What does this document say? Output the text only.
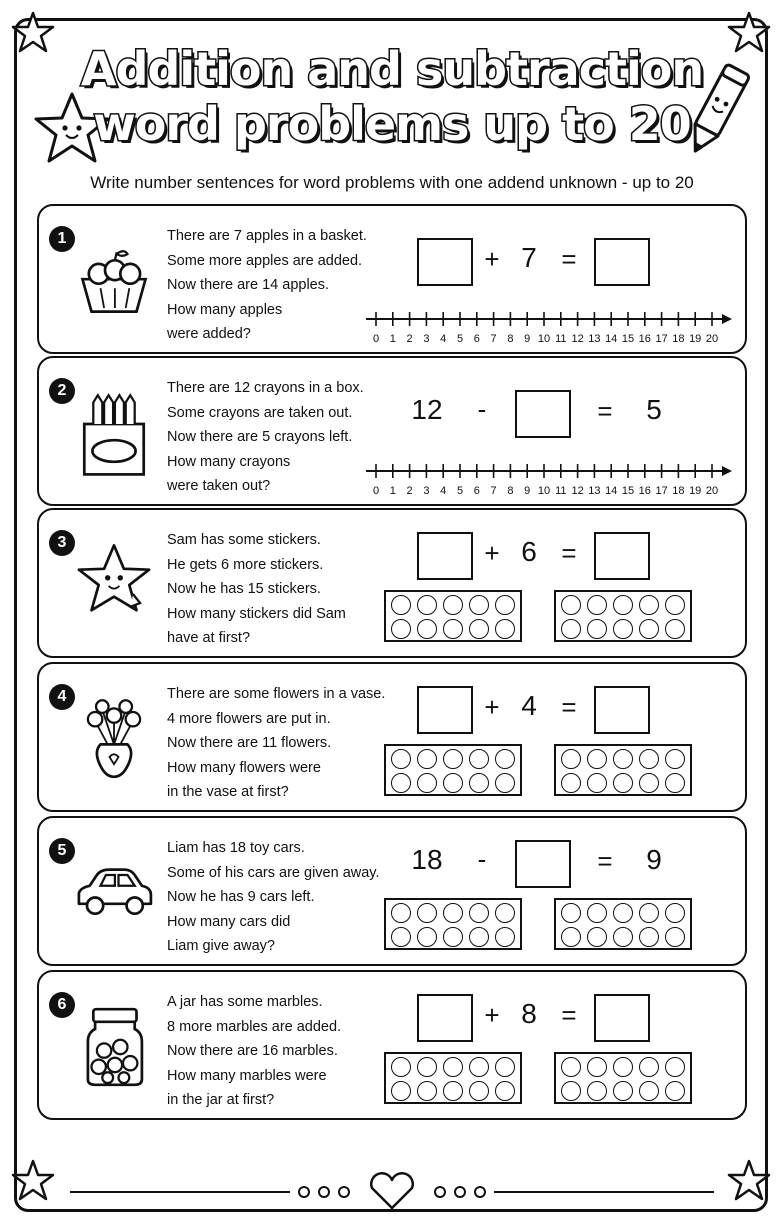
Addition and subtraction
word problems up to 20
Write number sentences for word problems with one addend unknown - up to 20
1	There are 7 apples in a basket.
Some more apples are added.
Now there are 14 apples.
How many apples
were added?
+ 7 =
0 1 2 3 4 5 6 7 8 9 10 11 12 13 14 15 16 17 18 19 20
2	There are 12 crayons in a box.
Some crayons are taken out.
Now there are 5 crayons left.
How many crayons
were taken out?
12	-	=	5
0 1 2 3 4 5 6 7 8 9 10 11 12 13 14 15 16 17 18 19 20
3	Sam has some stickers.
He gets 6 more stickers.
Now he has 15 stickers.
How many stickers did Sam
have at first?
+ 6 =
4	There are some flowers in a vase.
4 more flowers are put in.
Now there are 11 flowers.
How many flowers were
in the vase at first?
+ 4 =
5	Liam has 18 toy cars.
Some of his cars are given away.
Now he has 9 cars left.
How many cars did
Liam give away?
18	-	=	9
6	A jar has some marbles.
8 more marbles are added.
Now there are 16 marbles.
How many marbles were
in the jar at first?
+ 8 =
